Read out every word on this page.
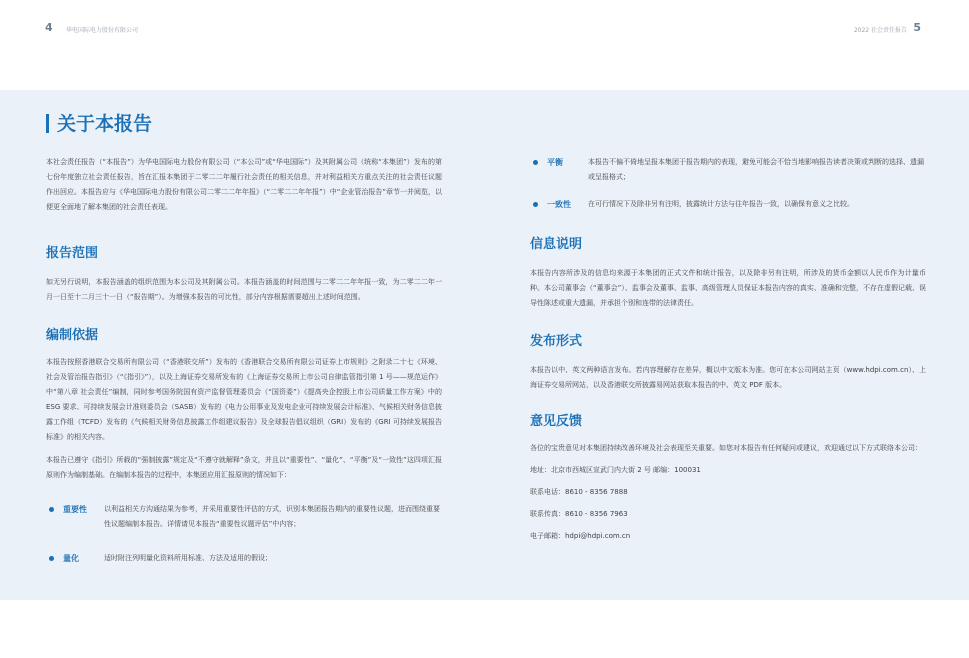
4 华电国际电力股份有限公司	2022 社会责任报告 5
关于本报告

本社会责任报告（“本报告”）为华电国际电力股份有限公司（“本公司”或“华电国际”）及其附属公司（统称“本集团”）发布的第七份年度独立社会责任报告，旨在汇报本集团于二零二二年履行社会责任的相关信息，并对利益相关方重点关注的社会责任议题作出回应。本报告应与《华电国际电力股份有限公司二零二二年年报》（“二零二二年年报”）中“企业管治报告”章节一并阅览，以便更全面地了解本集团的社会责任表现。

报告范围

如无另行说明，本报告涵盖的组织范围为本公司及其附属公司。本报告涵盖的时间范围与二零二二年年报一致，为二零二二年一月一日至十二月三十一日（“报告期”）。为增强本报告的可比性，部分内容根据需要超出上述时间范围。

编制依据

本报告按照香港联合交易所有限公司（“香港联交所”）发布的《香港联合交易所有限公司证券上市规则》之附录二十七《环境、社会及管治报告指引》（“《指引》”），以及上海证券交易所发布的《上海证券交易所上市公司自律监管指引第 1 号——规范运作》中“第八章 社会责任”编制，同时参考国务院国有资产监督管理委员会（“国资委”）《提高央企控股上市公司质量工作方案》中的 ESG 要求、可持续发展会计准则委员会（SASB）发布的《电力公用事业及发电企业可持续发展会计标准》、气候相关财务信息披露工作组（TCFD）发布的《气候相关财务信息披露工作组建议报告》及全球报告倡议组织（GRI）发布的《GRI 可持续发展报告标准》的相关内容。

本报告已遵守《指引》所载的“强制披露”规定及“不遵守就解释”条文，并且以“重要性”、“量化”、“平衡”及“一致性”这四项汇报原则作为编制基础。在编制本报告的过程中，本集团应用汇报原则的情况如下：

重要性 以利益相关方沟通结果为参考，并采用重要性评估的方式，识别本集团报告期内的重要性议题，进而围绕重要性议题编制本报告。详情请见本报告“重要性议题评估”中内容；

量化	适时附注列明量化资料所用标准、方法及适用的假设；

平衡	本报告不偏不倚地呈报本集团于报告期内的表现，避免可能会不恰当地影响报告读者决策或判断的选择、遗漏或呈报格式；

一致性 在可行情况下及除非另有注明，披露统计方法与往年报告一致，以确保有意义之比较。

信息说明

本报告内容所涉及的信息均来源于本集团的正式文件和统计报告，以及除非另有注明，所涉及的货币金额以人民币作为计量币种。本公司董事会（“董事会”）、监事会及董事、监事、高级管理人员保证本报告内容的真实、准确和完整，不存在虚假记载、误导性陈述或重大遗漏，并承担个别和连带的法律责任。

发布形式

本报告以中、英文两种语言发布。若内容理解存在差异，概以中文版本为准。您可在本公司网站主页（www.hdpi.com.cn）、上海证券交易所网站，以及香港联交所披露易网站获取本报告的中、英文 PDF 版本。

意见反馈

各位的宝贵意见对本集团持续改善环境及社会表现至关重要。如您对本报告有任何疑问或建议，欢迎通过以下方式联络本公司：

地址：北京市西城区宣武门内大街 2 号 邮编：100031

联系电话：8610 - 8356 7888

联系传真：8610 - 8356 7963

电子邮箱：hdpi@hdpi.com.cn
